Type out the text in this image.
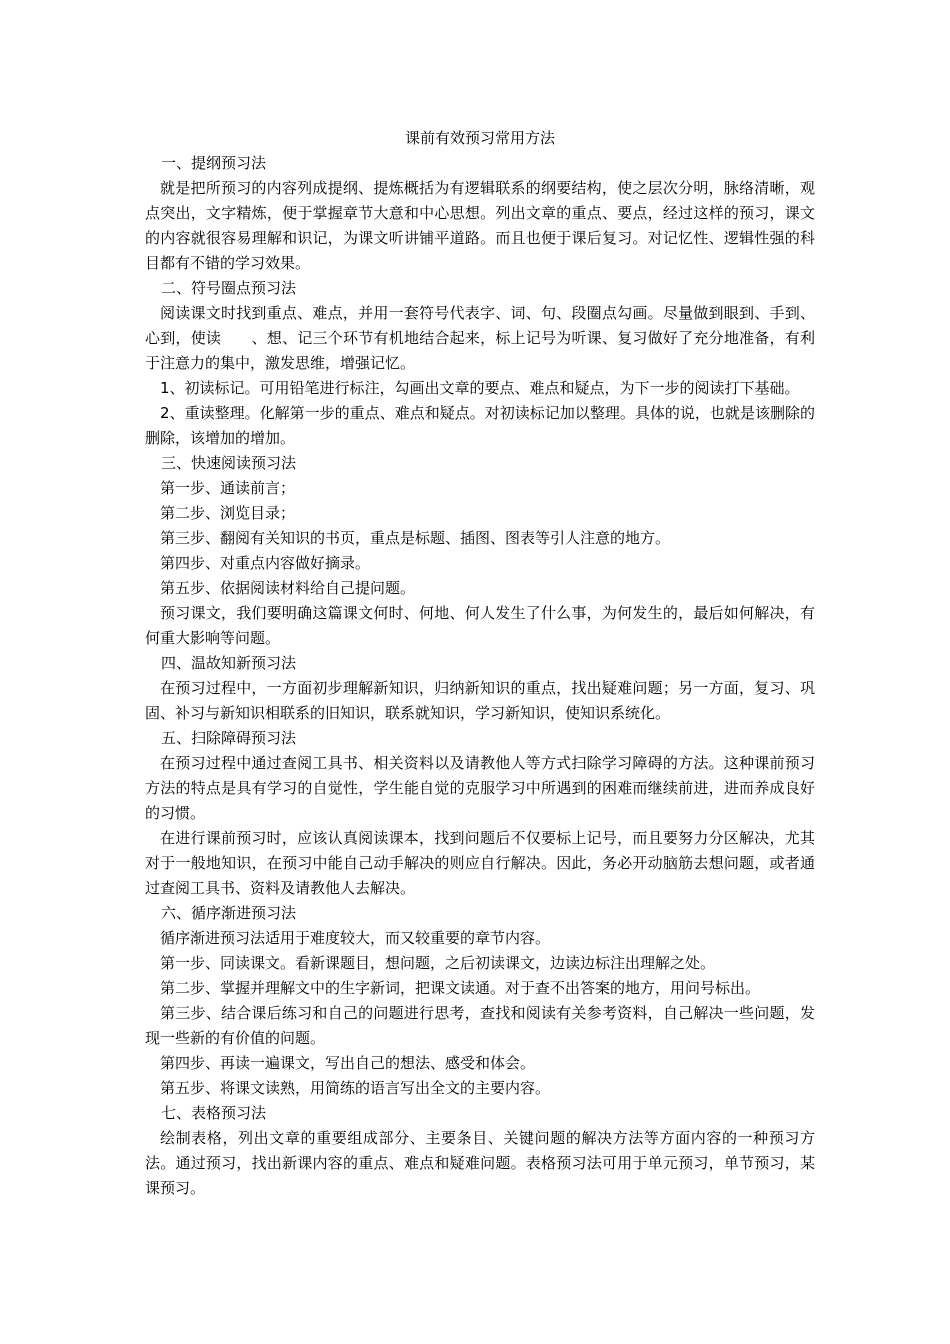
课前有效预习常用方法
一、提纲预习法

就是把所预习的内容列成提纲、提炼概括为有逻辑联系的纲要结构，使之层次分明，脉络清晰，观点突出，文字精炼，便于掌握章节大意和中心思想。列出文章的重点、要点，经过这样的预习，课文的内容就很容易理解和识记，为课文听讲铺平道路。而且也便于课后复习。对记忆性、逻辑性强的科目都有不错的学习效果。

二、符号圈点预习法

阅读课文时找到重点、难点，并用一套符号代表字、词、句、段圈点勾画。尽量做到眼到、手到、心到，使读　　、想、记三个环节有机地结合起来，标上记号为听课、复习做好了充分地准备，有利于注意力的集中，激发思维，增强记忆。

1、初读标记。可用铅笔进行标注，勾画出文章的要点、难点和疑点，为下一步的阅读打下基础。

2、重读整理。化解第一步的重点、难点和疑点。对初读标记加以整理。具体的说，也就是该删除的删除，该增加的增加。

三、快速阅读预习法

第一步、通读前言；

第二步、浏览目录；

第三步、翻阅有关知识的书页，重点是标题、插图、图表等引人注意的地方。

第四步、对重点内容做好摘录。

第五步、依据阅读材料给自己提问题。

预习课文，我们要明确这篇课文何时、何地、何人发生了什么事，为何发生的，最后如何解决，有何重大影响等问题。

四、温故知新预习法

在预习过程中，一方面初步理解新知识，归纳新知识的重点，找出疑难问题；另一方面，复习、巩固、补习与新知识相联系的旧知识，联系就知识，学习新知识，使知识系统化。

五、扫除障碍预习法

在预习过程中通过查阅工具书、相关资料以及请教他人等方式扫除学习障碍的方法。这种课前预习方法的特点是具有学习的自觉性，学生能自觉的克服学习中所遇到的困难而继续前进，进而养成良好的习惯。

在进行课前预习时，应该认真阅读课本，找到问题后不仅要标上记号，而且要努力分区解决，尤其对于一般地知识，在预习中能自己动手解决的则应自行解决。因此，务必开动脑筋去想问题，或者通过查阅工具书、资料及请教他人去解决。

六、循序渐进预习法

循序渐进预习法适用于难度较大，而又较重要的章节内容。

第一步、同读课文。看新课题目，想问题，之后初读课文，边读边标注出理解之处。

第二步、掌握并理解文中的生字新词，把课文读通。对于查不出答案的地方，用问号标出。

第三步、结合课后练习和自己的问题进行思考，查找和阅读有关参考资料，自己解决一些问题，发现一些新的有价值的问题。

第四步、再读一遍课文，写出自己的想法、感受和体会。

第五步、将课文读熟，用简练的语言写出全文的主要内容。

七、表格预习法

绘制表格，列出文章的重要组成部分、主要条目、关键问题的解决方法等方面内容的一种预习方法。通过预习，找出新课内容的重点、难点和疑难问题。表格预习法可用于单元预习，单节预习，某课预习。
